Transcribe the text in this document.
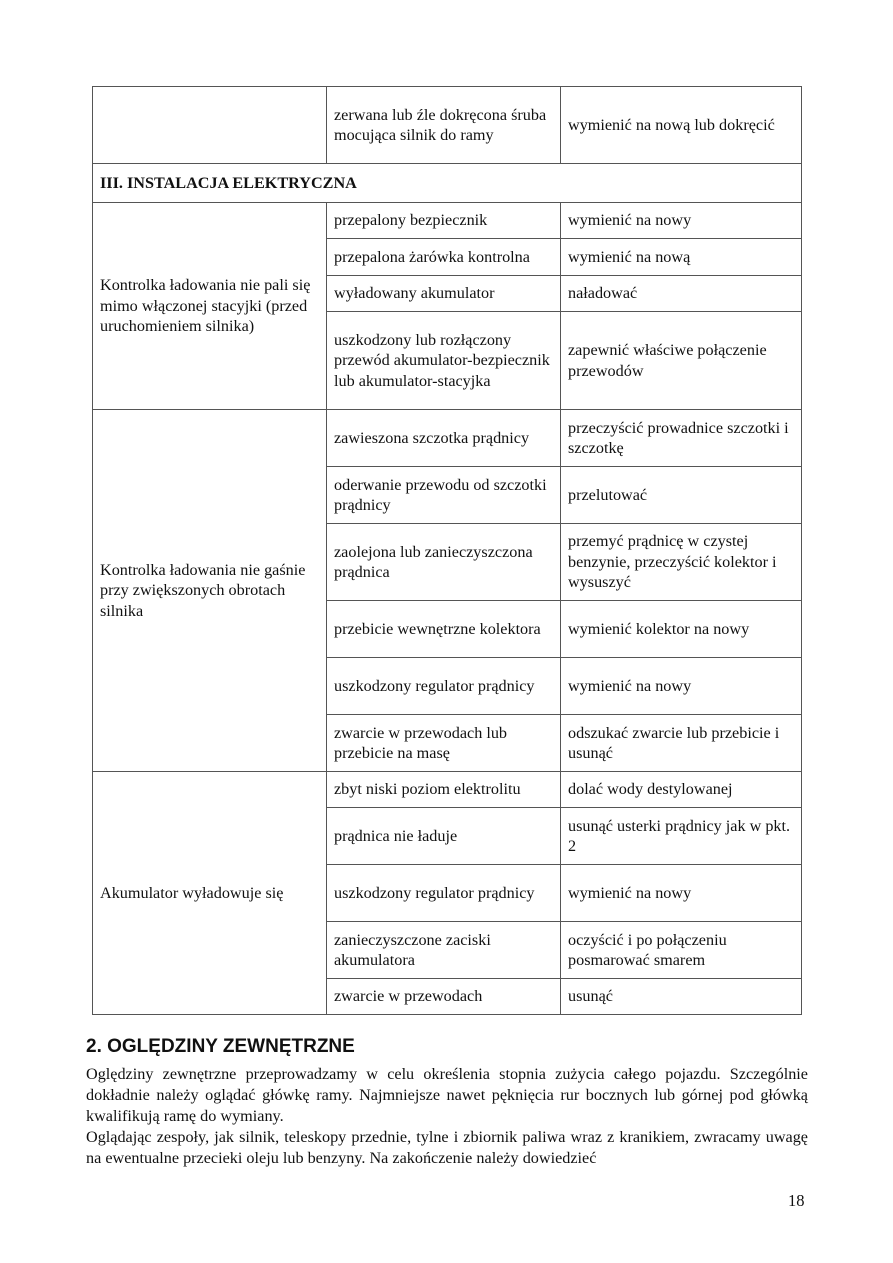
	zerwana lub źle dokręcona śruba mocująca silnik do ramy	wymienić na nową lub dokręcić
III. INSTALACJA ELEKTRYCZNA		
Kontrolka ładowania nie pali się mimo włączonej stacyjki (przed uruchomieniem silnika)	przepalony bezpiecznik	wymienić na nowy
	przepalona żarówka kontrolna	wymienić na nową
	wyładowany akumulator	naładować
	uszkodzony lub rozłączony przewód akumulator-bezpiecznik lub akumulator-stacyjka	zapewnić właściwe połączenie przewodów
Kontrolka ładowania nie gaśnie przy zwiększonych obrotach silnika	zawieszona szczotka prądnicy	przeczyścić prowadnice szczotki i szczotkę
	oderwanie przewodu od szczotki prądnicy	przelutować
	zaolejona lub zanieczyszczona prądnica	przemyć prądnicę w czystej benzynie, przeczyścić kolektor i wysuszyć
	przebicie wewnętrzne kolektora	wymienić kolektor na nowy
	uszkodzony regulator prądnicy	wymienić na nowy
	zwarcie w przewodach lub przebicie na masę	odszukać zwarcie lub przebicie i usunąć
Akumulator wyładowuje się	zbyt niski poziom elektrolitu	dolać wody destylowanej
	prądnica nie ładuje	usunąć usterki prądnicy jak w pkt. 2
	uszkodzony regulator prądnicy	wymienić na nowy
	zanieczyszczone zaciski akumulatora	oczyścić i po połączeniu posmarować smarem
	zwarcie w przewodach	usunąć
2. OGLĘDZINY ZEWNĘTRZNE

Oględziny zewnętrzne przeprowadzamy w celu określenia stopnia zużycia całego pojazdu. Szczególnie dokładnie należy oglądać główkę ramy. Najmniejsze nawet pęknięcia rur bocznych lub górnej pod główką kwalifikują ramę do wymiany.

Oglądając zespoły, jak silnik, teleskopy przednie, tylne i zbiornik paliwa wraz z kranikiem, zwracamy uwagę na ewentualne przecieki oleju lub benzyny. Na zakończenie należy dowiedzieć

18
